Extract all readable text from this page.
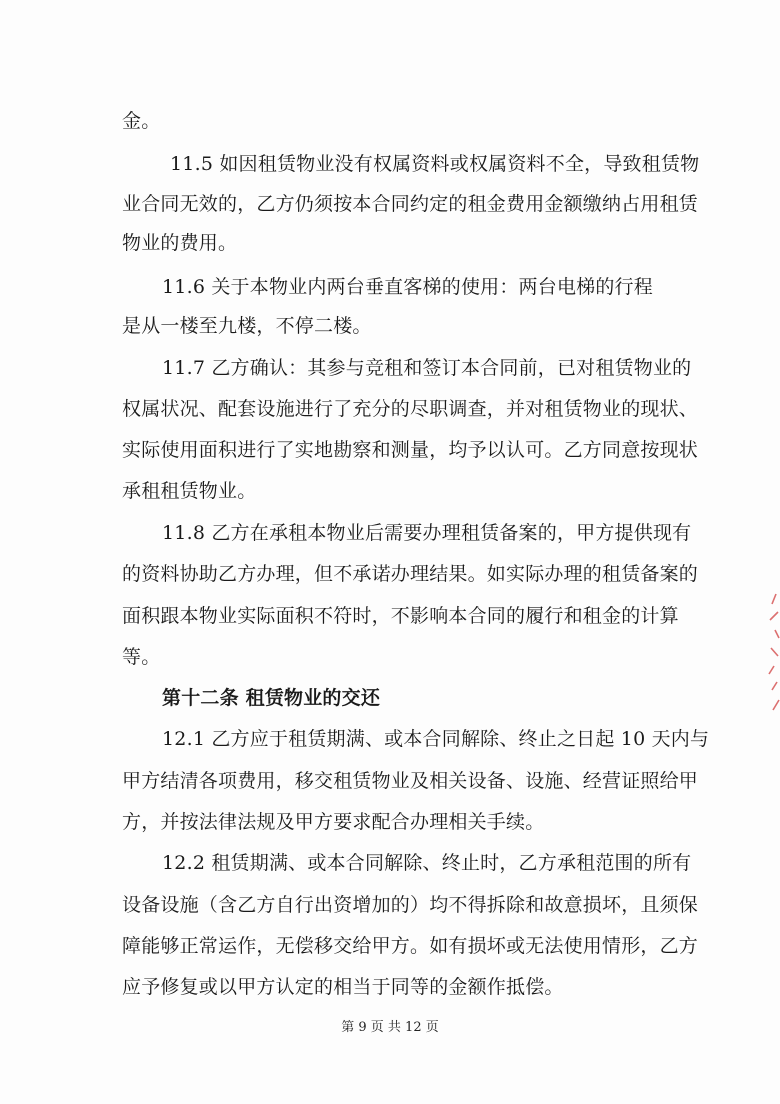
金。
11.5 如因租赁物业没有权属资料或权属资料不全，导致租赁物
业合同无效的，乙方仍须按本合同约定的租金费用金额缴纳占用租赁
物业的费用。
11.6 关于本物业内两台垂直客梯的使用：两台电梯的行程
是从一楼至九楼，不停二楼。
11.7 乙方确认：其参与竞租和签订本合同前，已对租赁物业的
权属状况、配套设施进行了充分的尽职调查，并对租赁物业的现状、
实际使用面积进行了实地勘察和测量，均予以认可。乙方同意按现状
承租租赁物业。
11.8 乙方在承租本物业后需要办理租赁备案的，甲方提供现有
的资料协助乙方办理，但不承诺办理结果。如实际办理的租赁备案的
面积跟本物业实际面积不符时，不影响本合同的履行和租金的计算
等。
第十二条 租赁物业的交还
12.1 乙方应于租赁期满、或本合同解除、终止之日起 10 天内与
甲方结清各项费用，移交租赁物业及相关设备、设施、经营证照给甲
方，并按法律法规及甲方要求配合办理相关手续。
12.2 租赁期满、或本合同解除、终止时，乙方承租范围的所有
设备设施（含乙方自行出资增加的）均不得拆除和故意损坏，且须保
障能够正常运作，无偿移交给甲方。如有损坏或无法使用情形，乙方
应予修复或以甲方认定的相当于同等的金额作抵偿。
第 9 页 共 12 页
